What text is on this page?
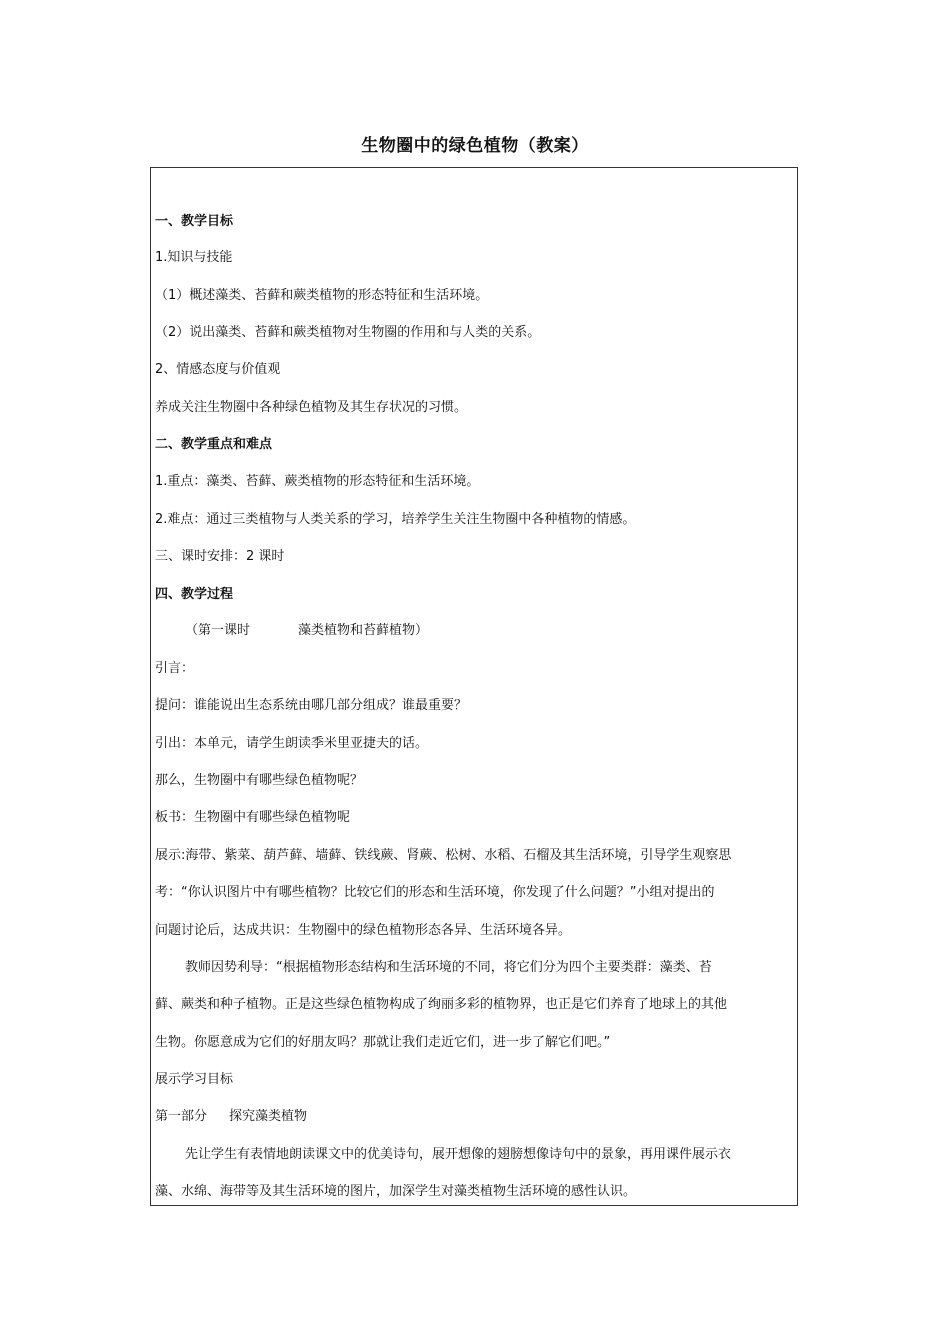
生物圈中的绿色植物（教案）
一、教学目标
1.知识与技能
（1）概述藻类、苔藓和蕨类植物的形态特征和生活环境。
（2）说出藻类、苔藓和蕨类植物对生物圈的作用和与人类的关系。
2、情感态度与价值观
养成关注生物圈中各种绿色植物及其生存状况的习惯。
二、教学重点和难点
1.重点：藻类、苔藓、蕨类植物的形态特征和生活环境。
2.难点：通过三类植物与人类关系的学习，培养学生关注生物圈中各种植物的情感。
三、课时安排：2 课时
四、教学过程
（第一课时	藻类植物和苔藓植物）
引言：
提问：谁能说出生态系统由哪几部分组成？谁最重要？
引出：本单元，请学生朗读季米里亚捷夫的话。
那么，生物圈中有哪些绿色植物呢？
板书：生物圈中有哪些绿色植物呢
展示:海带、紫菜、葫芦藓、墙藓、铁线蕨、肾蕨、松树、水稻、石榴及其生活环境，引导学生观察思
考：“你认识图片中有哪些植物？比较它们的形态和生活环境，你发现了什么问题？”小组对提出的
问题讨论后，达成共识：生物圈中的绿色植物形态各异、生活环境各异。
教师因势利导：“根据植物形态结构和生活环境的不同，将它们分为四个主要类群：藻类、苔
藓、蕨类和种子植物。正是这些绿色植物构成了绚丽多彩的植物界，也正是它们养育了地球上的其他
生物。你愿意成为它们的好朋友吗？那就让我们走近它们，进一步了解它们吧。”
展示学习目标
第一部分 探究藻类植物
先让学生有表情地朗读课文中的优美诗句，展开想像的翅膀想像诗句中的景象，再用课件展示衣
藻、水绵、海带等及其生活环境的图片，加深学生对藻类植物生活环境的感性认识。
